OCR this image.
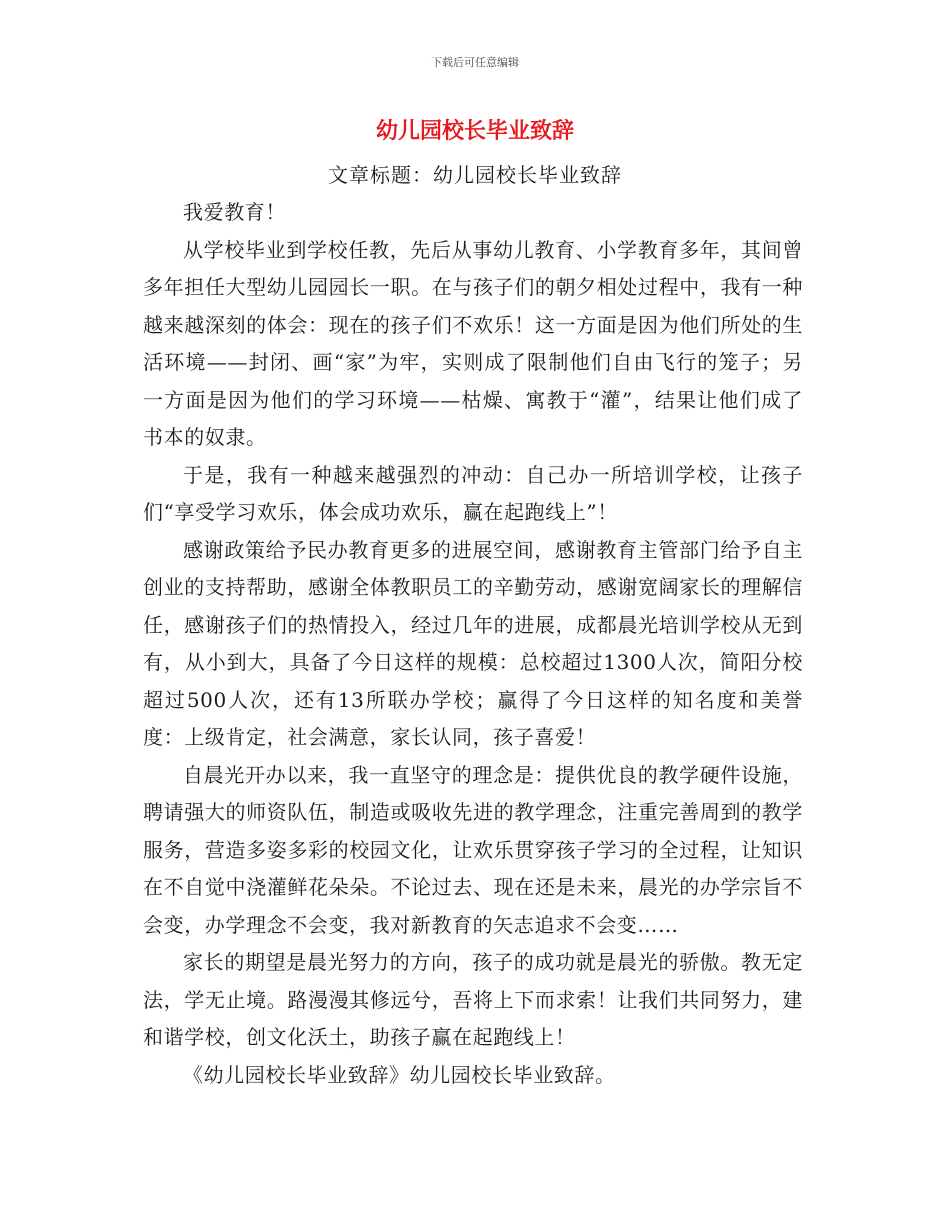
下载后可任意编辑
幼儿园校长毕业致辞
文章标题：幼儿园校长毕业致辞

我爱教育！

从学校毕业到学校任教，先后从事幼儿教育、小学教育多年，其间曾多年担任大型幼儿园园长一职。在与孩子们的朝夕相处过程中，我有一种越来越深刻的体会：现在的孩子们不欢乐！这一方面是因为他们所处的生活环境——封闭、画“家”为牢，实则成了限制他们自由飞行的笼子；另一方面是因为他们的学习环境——枯燥、寓教于“灌”，结果让他们成了书本的奴隶。

于是，我有一种越来越强烈的冲动：自己办一所培训学校，让孩子们“享受学习欢乐，体会成功欢乐，赢在起跑线上”！

感谢政策给予民办教育更多的进展空间，感谢教育主管部门给予自主创业的支持帮助，感谢全体教职员工的辛勤劳动，感谢宽阔家长的理解信任，感谢孩子们的热情投入，经过几年的进展，成都晨光培训学校从无到有，从小到大，具备了今日这样的规模：总校超过1300人次，简阳分校超过500人次，还有13所联办学校；赢得了今日这样的知名度和美誉度：上级肯定，社会满意，家长认同，孩子喜爱！

自晨光开办以来，我一直坚守的理念是：提供优良的教学硬件设施，聘请强大的师资队伍，制造或吸收先进的教学理念，注重完善周到的教学服务，营造多姿多彩的校园文化，让欢乐贯穿孩子学习的全过程，让知识在不自觉中浇灌鲜花朵朵。不论过去、现在还是未来，晨光的办学宗旨不会变，办学理念不会变，我对新教育的矢志追求不会变……

家长的期望是晨光努力的方向，孩子的成功就是晨光的骄傲。教无定法，学无止境。路漫漫其修远兮，吾将上下而求索！让我们共同努力，建和谐学校，创文化沃土，助孩子赢在起跑线上！

《幼儿园校长毕业致辞》幼儿园校长毕业致辞。
